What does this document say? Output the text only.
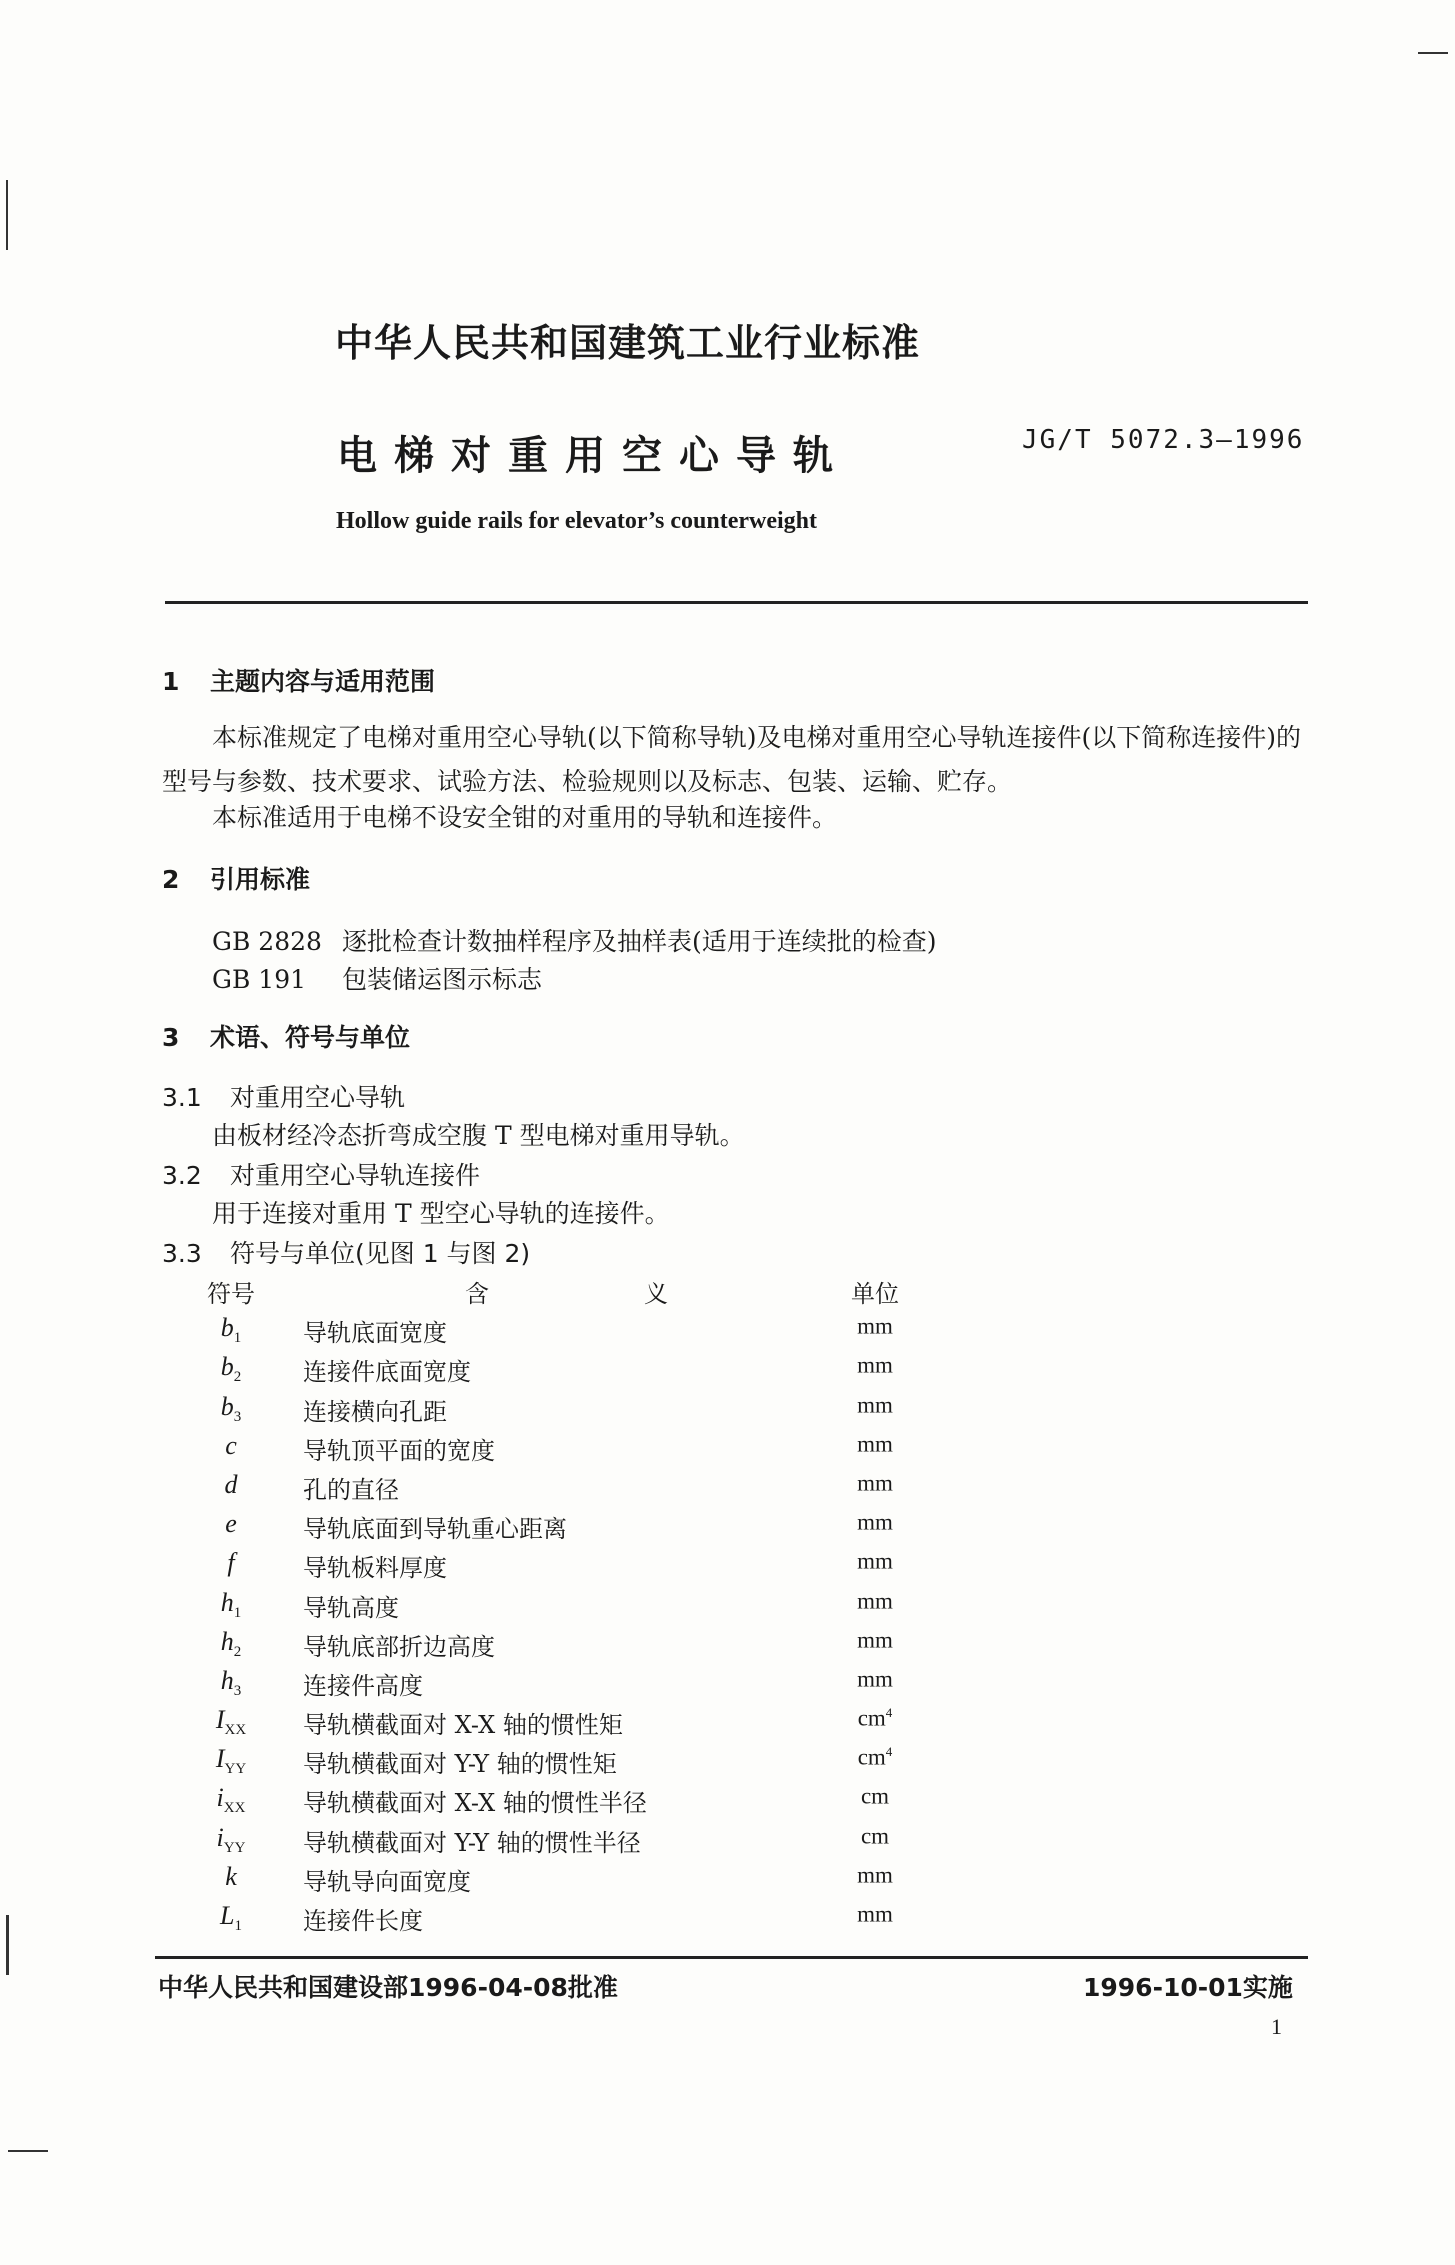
中华人民共和国建筑工业行业标准
电梯对重用空心导轨	JG/T 5072.3—1996
Hollow guide rails for elevator’s counterweight
1 主题内容与适用范围
本标准规定了电梯对重用空心导轨(以下简称导轨)及电梯对重用空心导轨连接件(以下简称连接件)的型号与参数、技术要求、试验方法、检验规则以及标志、包装、运输、贮存。
本标准适用于电梯不设安全钳的对重用的导轨和连接件。
2 引用标准
GB 2828 逐批检查计数抽样程序及抽样表(适用于连续批的检查)
GB 191 包装储运图示标志
3 术语、符号与单位
3.1 对重用空心导轨
由板材经冷态折弯成空腹 T 型电梯对重用导轨。
3.2 对重用空心导轨连接件
用于连接对重用 T 型空心导轨的连接件。
3.3 符号与单位(见图 1 与图 2)
符号	含义	单位
$b_1$	导轨底面宽度	mm
$b_2$	连接件底面宽度	mm
$b_3$	连接横向孔距	mm
c	导轨顶平面的宽度	mm
d	孔的直径	mm
e	导轨底面到导轨重心距离	mm
f	导轨板料厚度	mm
$h_1$	导轨高度	mm
$h_2$	导轨底部折边高度	mm
$h_3$	连接件高度	mm
$I_{XX}$	导轨横截面对 X-X 轴的惯性矩	$cm^4$
$I_{YY}$	导轨横截面对 Y-Y 轴的惯性矩	$cm^4$
$i_{XX}$	导轨横截面对 X-X 轴的惯性半径	cm
$i_{YY}$	导轨横截面对 Y-Y 轴的惯性半径	cm
k	导轨导向面宽度	mm
$L_1$	连接件长度	mm
中华人民共和国建设部1996-04-08批准	1996-10-01实施
1
